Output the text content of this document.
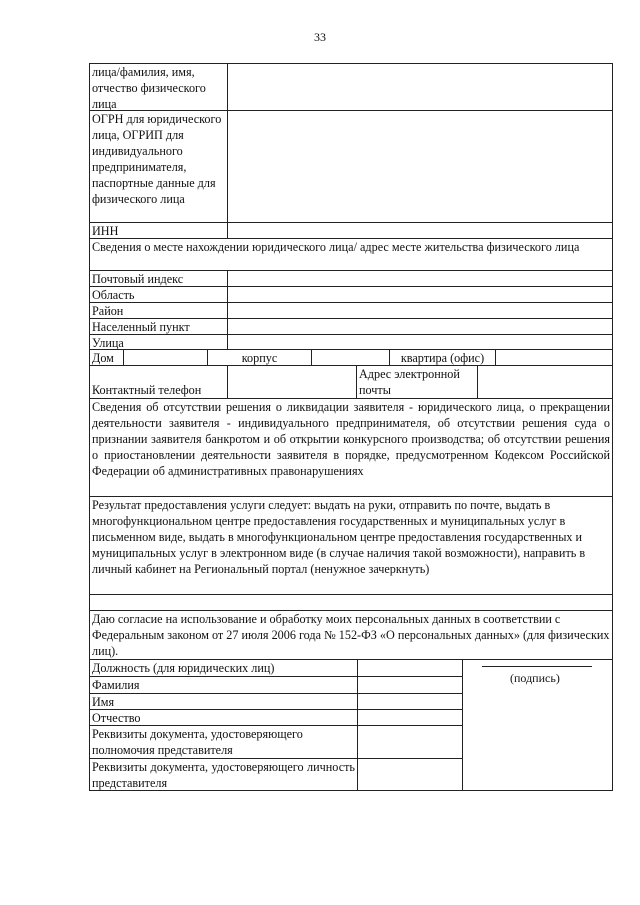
33
лица/фамилия, имя, отчество физического лица
ОГРН для юридического лица, ОГРИП для индивидуального предпринимателя, паспортные данные для физического лица
ИНН
Сведения о месте нахождении юридического лица/ адрес месте жительства физического лица
Почтовый индекс
Область
Район
Населенный пункт
Улица
Дом	корпус	квартира (офис)
Контактный телефон
Адрес электронной почты
Сведения об отсутствии решения о ликвидации заявителя - юридического лица, о прекращении деятельности заявителя - индивидуального предпринимателя, об отсутствии решения суда о признании заявителя банкротом и об открытии конкурсного производства; об отсутствии решения о приостановлении деятельности заявителя в порядке, предусмотренном Кодексом Российской Федерации об административных правонарушениях
Результат предоставления услуги следует: выдать на руки, отправить по почте, выдать в многофункциональном центре предоставления государственных и муниципальных услуг в письменном виде, выдать в многофункциональном центре предоставления государственных и муниципальных услуг в электронном виде (в случае наличия такой возможности), направить в личный кабинет на Региональный портал (ненужное зачеркнуть)
Даю согласие на использование и обработку моих персональных данных в соответствии с Федеральным законом от 27 июля 2006 года № 152-ФЗ «О персональных данных» (для физических лиц).
Должность (для юридических лиц)
Фамилия
Имя
Отчество
Реквизиты документа, удостоверяющего полномочия представителя
Реквизиты документа, удостоверяющего личность представителя
(подпись)
